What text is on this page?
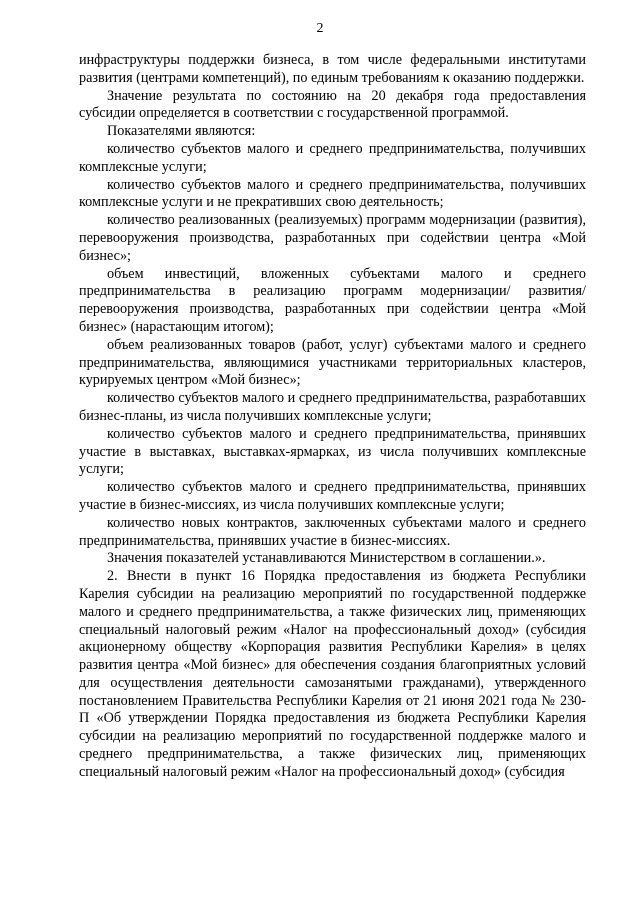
2

инфраструктуры поддержки бизнеса, в том числе федеральными институтами развития (центрами компетенций), по единым требованиям к оказанию поддержки.

Значение результата по состоянию на 20 декабря года предоставления субсидии определяется в соответствии с государственной программой.

Показателями являются:

количество субъектов малого и среднего предпринимательства, получивших комплексные услуги;

количество субъектов малого и среднего предпринимательства, получивших комплексные услуги и не прекративших свою деятельность;

количество реализованных (реализуемых) программ модернизации (развития), перевооружения производства, разработанных при содействии центра «Мой бизнес»;

объем инвестиций, вложенных субъектами малого и среднего предпринимательства в реализацию программ модернизации/ развития/перевооружения производства, разработанных при содействии центра «Мой бизнес» (нарастающим итогом);

объем реализованных товаров (работ, услуг) субъектами малого и среднего предпринимательства, являющимися участниками территориальных кластеров, курируемых центром «Мой бизнес»;

количество субъектов малого и среднего предпринимательства, разработавших бизнес-планы, из числа получивших комплексные услуги;

количество субъектов малого и среднего предпринимательства, принявших участие в выставках, выставках-ярмарках, из числа получивших комплексные услуги;

количество субъектов малого и среднего предпринимательства, принявших участие в бизнес-миссиях, из числа получивших комплексные услуги;

количество новых контрактов, заключенных субъектами малого и среднего предпринимательства, принявших участие в бизнес-миссиях.

Значения показателей устанавливаются Министерством в соглашении.».

2. Внести в пункт 16 Порядка предоставления из бюджета Республики Карелия субсидии на реализацию мероприятий по государственной поддержке малого и среднего предпринимательства, а также физических лиц, применяющих специальный налоговый режим «Налог на профессиональный доход» (субсидия акционерному обществу «Корпорация развития Республики Карелия» в целях развития центра «Мой бизнес» для обеспечения создания благоприятных условий для осуществления деятельности самозанятыми гражданами), утвержденного постановлением Правительства Республики Карелия от 21 июня 2021 года № 230-П «Об утверждении Порядка предоставления из бюджета Республики Карелия субсидии на реализацию мероприятий по государственной поддержке малого и среднего предпринимательства, а также физических лиц, применяющих специальный налоговый режим «Налог на профессиональный доход» (субсидия
